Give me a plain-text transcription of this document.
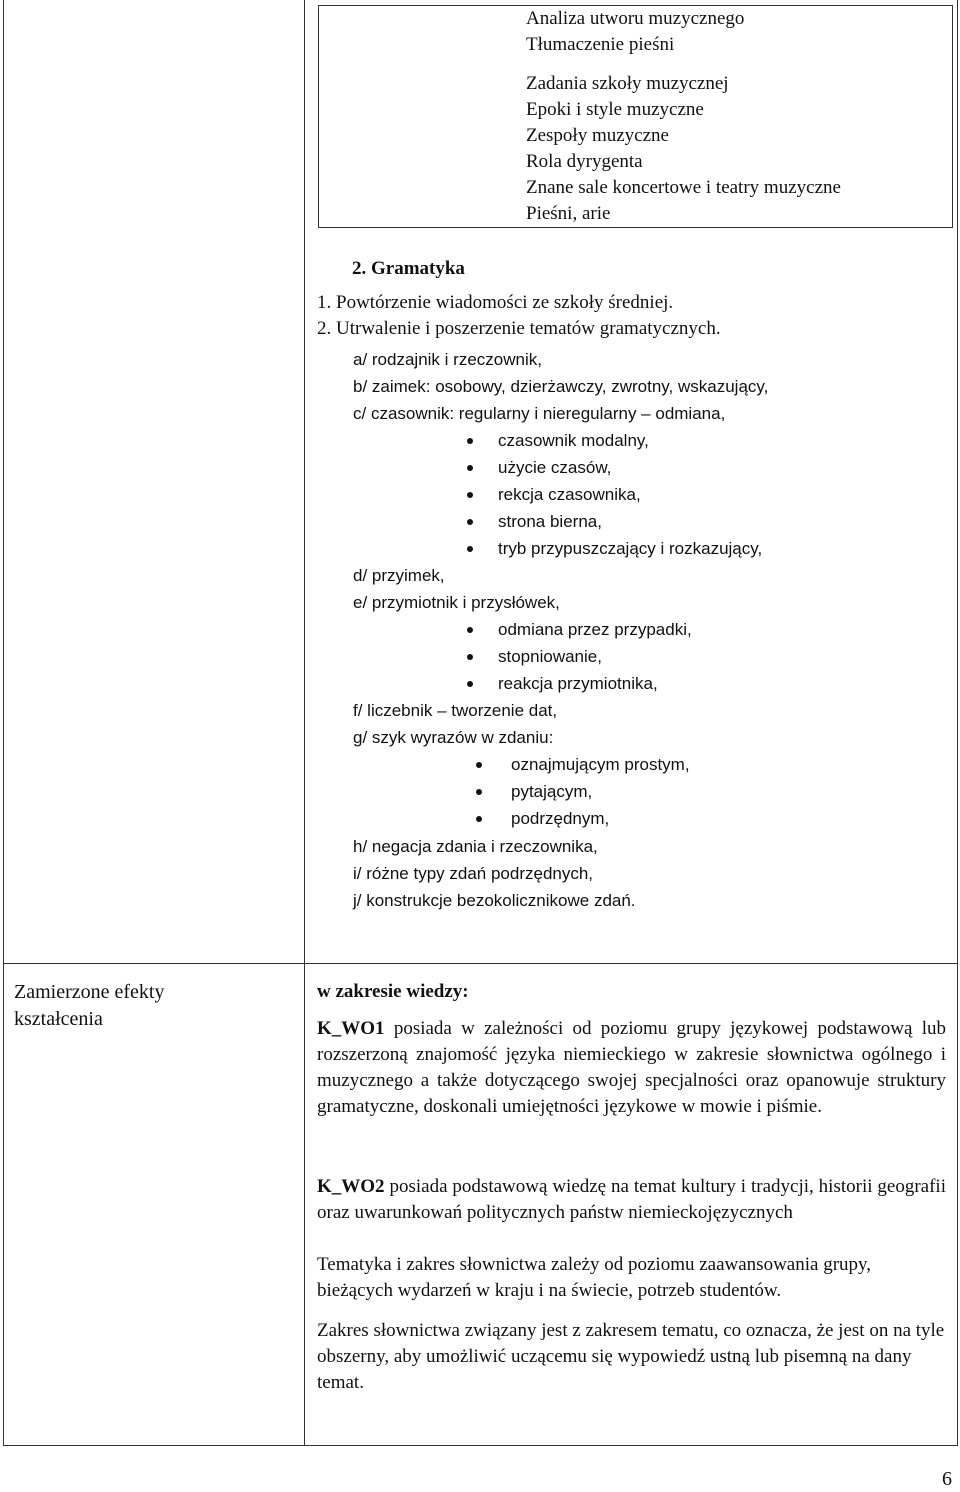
Analiza utworu muzycznego
Tłumaczenie pieśni
Zadania szkoły muzycznej
Epoki i style muzyczne
Zespoły muzyczne
Rola dyrygenta
Znane sale koncertowe i teatry muzyczne
Pieśni, arie
2. Gramatyka
1. Powtórzenie wiadomości ze szkoły średniej.
2. Utrwalenie i poszerzenie tematów gramatycznych.
a/ rodzajnik i rzeczownik,
b/ zaimek: osobowy, dzierżawczy, zwrotny, wskazujący,
c/ czasownik: regularny i nieregularny – odmiana,
czasownik modalny,
użycie czasów,
rekcja czasownika,
strona bierna,
tryb przypuszczający i rozkazujący,
d/ przyimek,
e/ przymiotnik i przysłówek,
odmiana przez przypadki,
stopniowanie,
reakcja przymiotnika,
f/ liczebnik – tworzenie dat,
g/ szyk wyrazów w zdaniu:
oznajmującym prostym,
pytającym,
podrzędnym,
h/ negacja zdania i rzeczownika,
i/ różne typy zdań podrzędnych,
j/ konstrukcje bezokolicznikowe zdań.
Zamierzone efekty
kształcenia
w zakresie wiedzy:
K_WO1 posiada w zależności od poziomu grupy językowej podstawową lub rozszerzoną znajomość języka niemieckiego w zakresie słownictwa ogólnego i muzycznego a także dotyczącego swojej specjalności oraz opanowuje struktury gramatyczne, doskonali umiejętności językowe w mowie i piśmie.
K_WO2 posiada podstawową wiedzę na temat kultury i tradycji, historii geografii oraz uwarunkowań politycznych państw niemieckojęzycznych
Tematyka i zakres słownictwa zależy od poziomu zaawansowania grupy, bieżących wydarzeń w kraju i na świecie, potrzeb studentów.
Zakres słownictwa związany jest z zakresem tematu, co oznacza, że jest on na tyle obszerny, aby umożliwić uczącemu się wypowiedź ustną lub pisemną na dany temat.
6
